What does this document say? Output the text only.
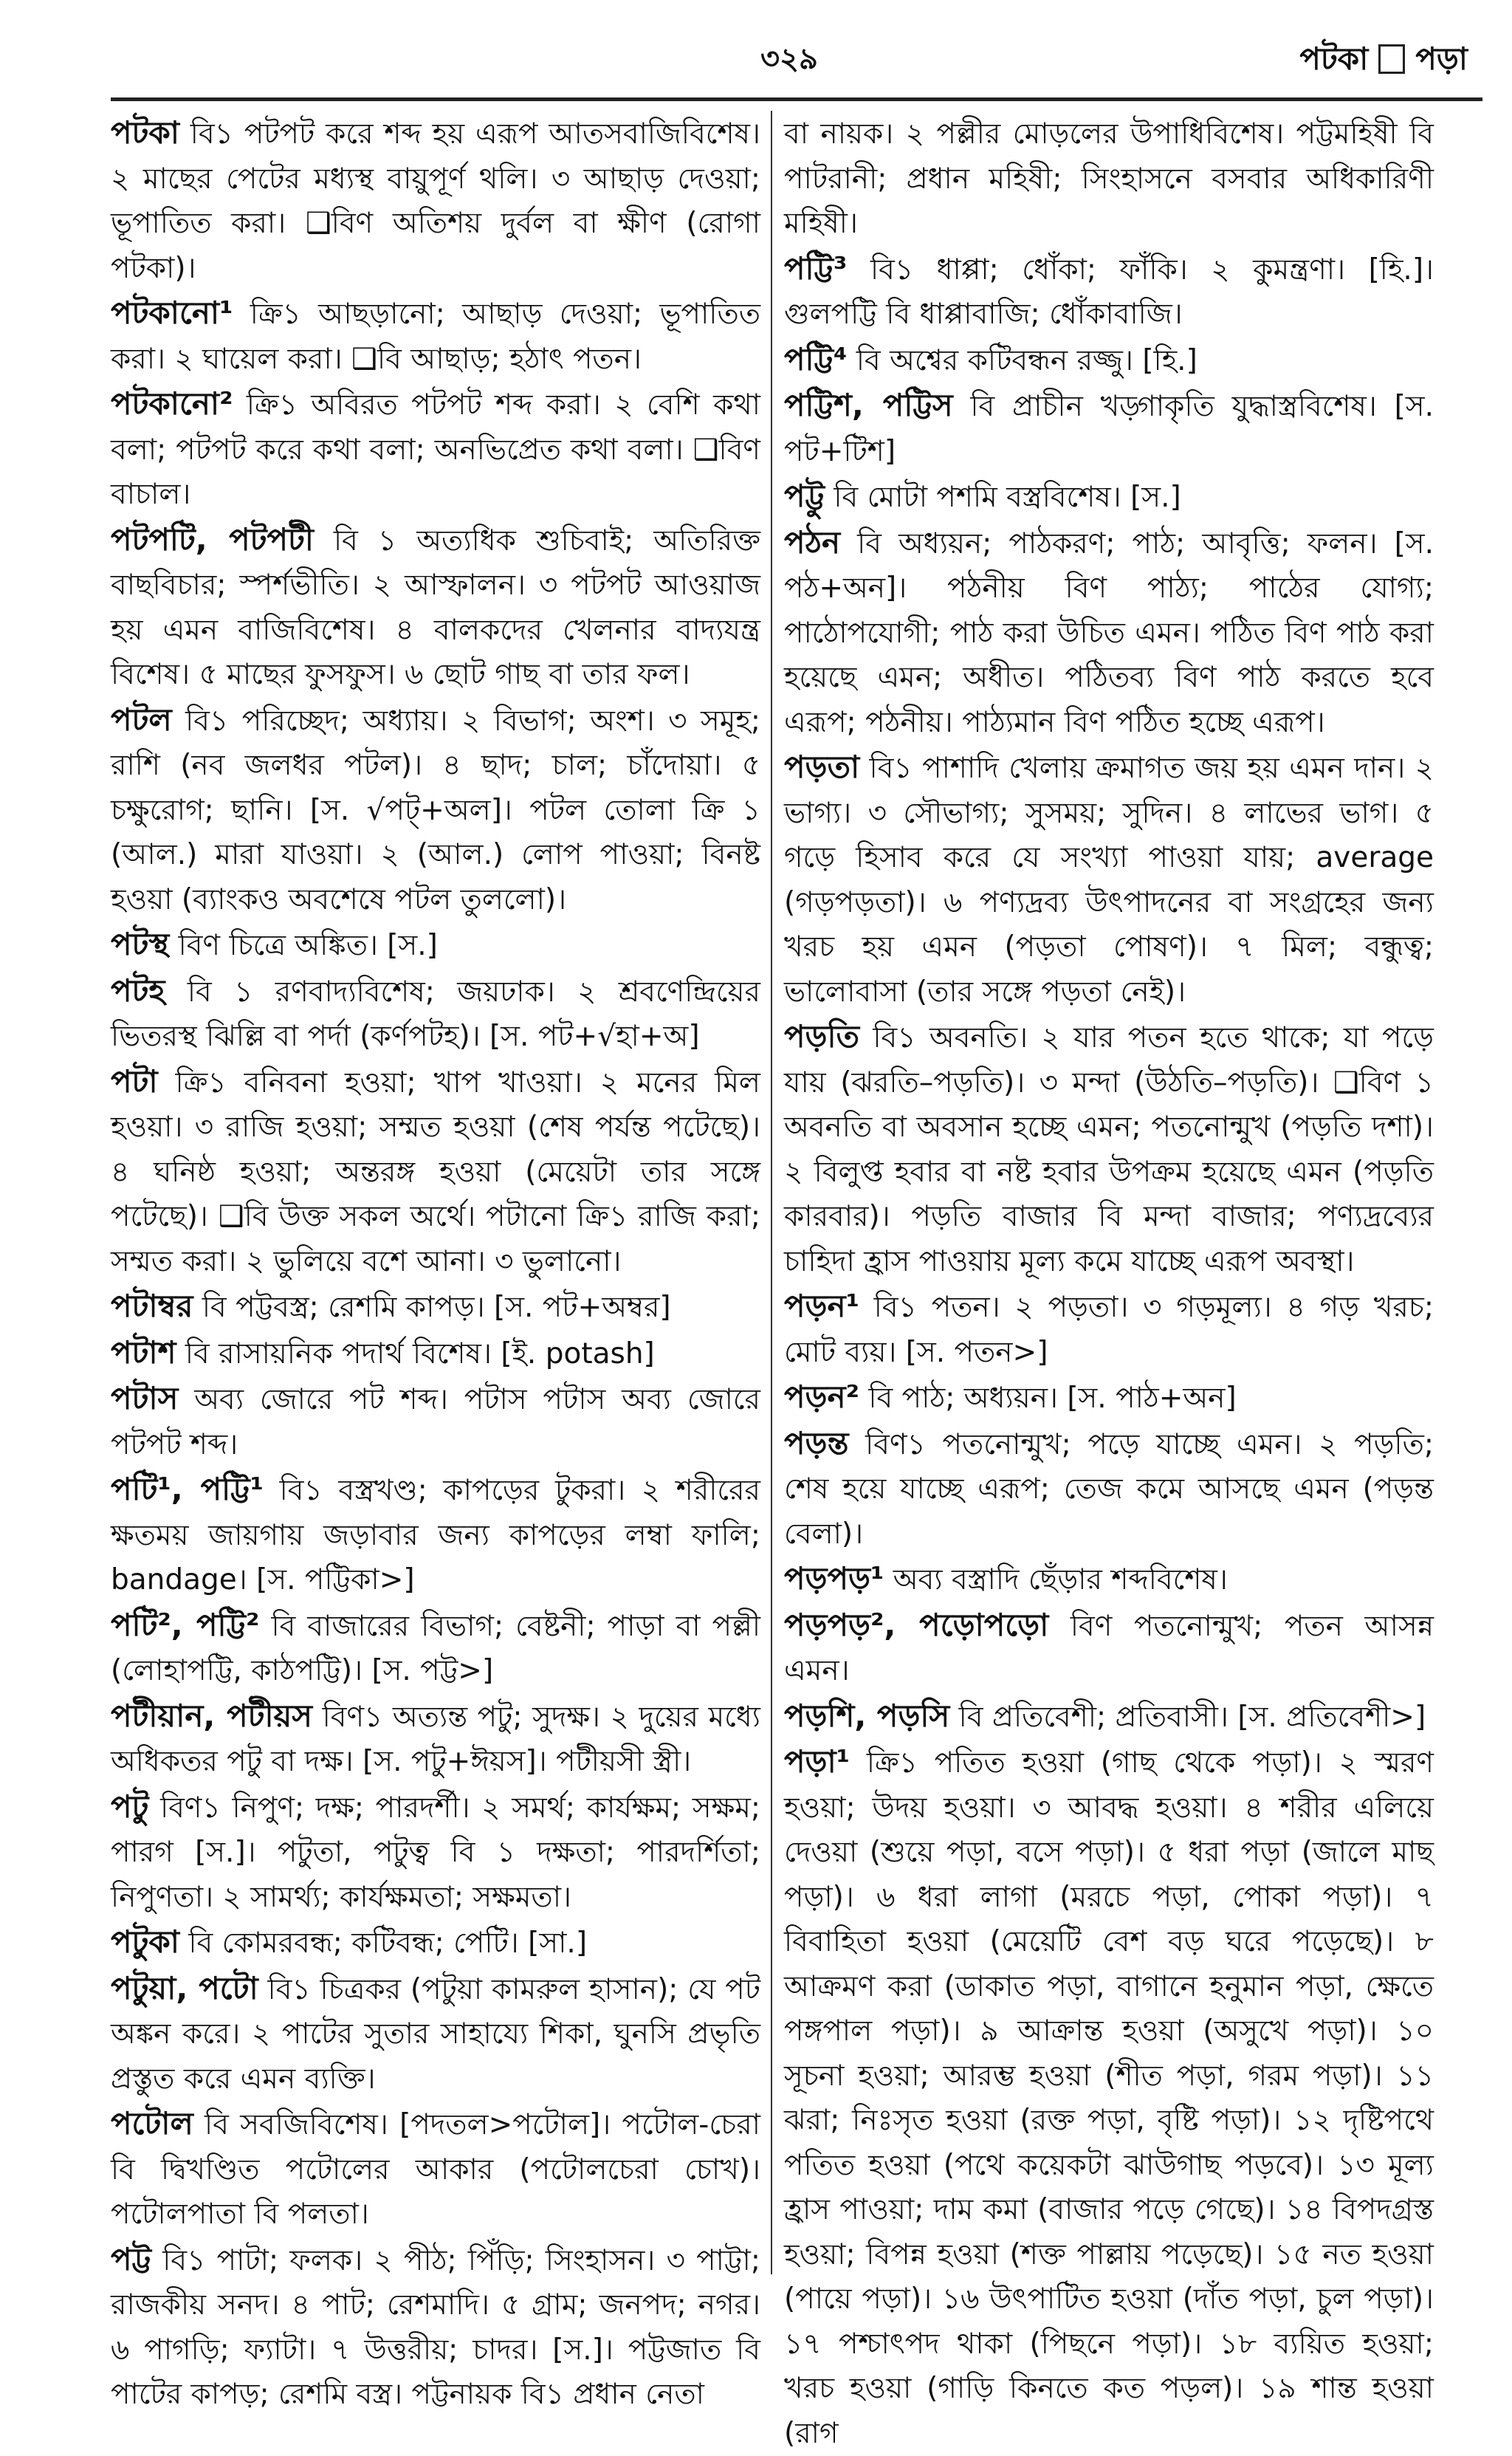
৩২৯	পটকা পড়া

পটকা বি১ পটপট করে শব্দ হয় এরূপ আতসবাজিবিশেষ। ২ মাছের পেটের মধ্যস্থ বায়ুপূর্ণ থলি। ৩ আছাড় দেওয়া; ভূপাতিত করা। ❑বিণ অতিশয় দুর্বল বা ক্ষীণ (রোগা পটকা)।

পটকানো¹ ক্রি১ আছড়ানো; আছাড় দেওয়া; ভূপাতিত করা। ২ ঘায়েল করা। ❑বি আছাড়; হঠাৎ পতন।

পটকানো² ক্রি১ অবিরত পটপট শব্দ করা। ২ বেশি কথা বলা; পটপট করে কথা বলা; অনভিপ্রেত কথা বলা। ❑বিণ বাচাল।

পটপটি, পটপটী বি ১ অত্যধিক শুচিবাই; অতিরিক্ত বাছবিচার; স্পর্শভীতি। ২ আস্ফালন। ৩ পটপট আওয়াজ হয় এমন বাজিবিশেষ। ৪ বালকদের খেলনার বাদ্যযন্ত্র বিশেষ। ৫ মাছের ফুসফুস। ৬ ছোট গাছ বা তার ফল।

পটল বি১ পরিচ্ছেদ; অধ্যায়। ২ বিভাগ; অংশ। ৩ সমূহ; রাশি (নব জলধর পটল)। ৪ ছাদ; চাল; চাঁদোয়া। ৫ চক্ষুরোগ; ছানি। [স. √পট্+অল]। পটল তোলা ক্রি ১ (আল.) মারা যাওয়া। ২ (আল.) লোপ পাওয়া; বিনষ্ট হওয়া (ব্যাংকও অবশেষে পটল তুললো)।

পটস্থ বিণ চিত্রে অঙ্কিত। [স.]

পটহ বি ১ রণবাদ্যবিশেষ; জয়ঢাক। ২ শ্রবণেন্দ্রিয়ের ভিতরস্থ ঝিল্লি বা পর্দা (কর্ণপটহ)। [স. পট+√হা+অ]

পটা ক্রি১ বনিবনা হওয়া; খাপ খাওয়া। ২ মনের মিল হওয়া। ৩ রাজি হওয়া; সম্মত হওয়া (শেষ পর্যন্ত পটেছে)। ৪ ঘনিষ্ঠ হওয়া; অন্তরঙ্গ হওয়া (মেয়েটা তার সঙ্গে পটেছে)। ❑বি উক্ত সকল অর্থে। পটানো ক্রি১ রাজি করা; সম্মত করা। ২ ভুলিয়ে বশে আনা। ৩ ভুলানো।

পটাম্বর বি পট্টবস্ত্র; রেশমি কাপড়। [স. পট+অম্বর]

পটাশ বি রাসায়নিক পদার্থ বিশেষ। [ই. potash]

পটাস অব্য জোরে পট শব্দ। পটাস পটাস অব্য জোরে পটপট শব্দ।

পটি¹, পট্টি¹ বি১ বস্ত্রখণ্ড; কাপড়ের টুকরা। ২ শরীরের ক্ষতময় জায়গায় জড়াবার জন্য কাপড়ের লম্বা ফালি; bandage। [স. পট্টিকা>]

পটি², পট্টি² বি বাজারের বিভাগ; বেষ্টনী; পাড়া বা পল্লী (লোহাপট্টি, কাঠপট্টি)। [স. পট্ট>]

পটীয়ান, পটীয়স বিণ১ অত্যন্ত পটু; সুদক্ষ। ২ দুয়ের মধ্যে অধিকতর পটু বা দক্ষ। [স. পটু+ঈয়স]। পটীয়সী স্ত্রী।

পটু বিণ১ নিপুণ; দক্ষ; পারদর্শী। ২ সমর্থ; কার্যক্ষম; সক্ষম; পারগ [স.]। পটুতা, পটুত্ব বি ১ দক্ষতা; পারদর্শিতা; নিপুণতা। ২ সামর্থ্য; কার্যক্ষমতা; সক্ষমতা।

পটুকা বি কোমরবন্ধ; কটিবন্ধ; পেটি। [সা.]

পটুয়া, পটো বি১ চিত্রকর (পটুয়া কামরুল হাসান); যে পট অঙ্কন করে। ২ পাটের সুতার সাহায্যে শিকা, ঘুনসি প্রভৃতি প্রস্তুত করে এমন ব্যক্তি।

পটোল বি সবজিবিশেষ। [পদতল>পটোল]। পটোল-চেরা বি দ্বিখণ্ডিত পটোলের আকার (পটোলচেরা চোখ)। পটোলপাতা বি পলতা।

পট্ট বি১ পাটা; ফলক। ২ পীঠ; পিঁড়ি; সিংহাসন। ৩ পাট্টা; রাজকীয় সনদ। ৪ পাট; রেশমাদি। ৫ গ্রাম; জনপদ; নগর। ৬ পাগড়ি; ফ্যাটা। ৭ উত্তরীয়; চাদর। [স.]। পট্টজাত বি পাটের কাপড়; রেশমি বস্ত্র। পট্টনায়ক বি১ প্রধান নেতা

বা নায়ক। ২ পল্লীর মোড়লের উপাধিবিশেষ। পট্টমহিষী বি পাটরানী; প্রধান মহিষী; সিংহাসনে বসবার অধিকারিণী মহিষী।

পট্টি³ বি১ ধাপ্পা; ধোঁকা; ফাঁকি। ২ কুমন্ত্রণা। [হি.]। গুলপট্টি বি ধাপ্পাবাজি; ধোঁকাবাজি।

পট্টি⁴ বি অশ্বের কটিবন্ধন রজ্জু। [হি.]

পট্টিশ, পট্টিস বি প্রাচীন খড়্গাকৃতি যুদ্ধাস্ত্রবিশেষ। [স. পট+টিশ]

পট্টু বি মোটা পশমি বস্ত্রবিশেষ। [স.]

পঠন বি অধ্যয়ন; পাঠকরণ; পাঠ; আবৃত্তি; ফলন। [স. পঠ+অন]। পঠনীয় বিণ পাঠ্য; পাঠের যোগ্য; পাঠোপযোগী; পাঠ করা উচিত এমন। পঠিত বিণ পাঠ করা হয়েছে এমন; অধীত। পঠিতব্য বিণ পাঠ করতে হবে এরূপ; পঠনীয়। পাঠ্যমান বিণ পঠিত হচ্ছে এরূপ।

পড়তা বি১ পাশাদি খেলায় ক্রমাগত জয় হয় এমন দান। ২ ভাগ্য। ৩ সৌভাগ্য; সুসময়; সুদিন। ৪ লাভের ভাগ। ৫ গড়ে হিসাব করে যে সংখ্যা পাওয়া যায়; average (গড়পড়তা)। ৬ পণ্যদ্রব্য উৎপাদনের বা সংগ্রহের জন্য খরচ হয় এমন (পড়তা পোষণ)। ৭ মিল; বন্ধুত্ব; ভালোবাসা (তার সঙ্গে পড়তা নেই)।

পড়তি বি১ অবনতি। ২ যার পতন হতে থাকে; যা পড়ে যায় (ঝরতি–পড়তি)। ৩ মন্দা (উঠতি–পড়তি)। ❑বিণ ১ অবনতি বা অবসান হচ্ছে এমন; পতনোন্মুখ (পড়তি দশা)। ২ বিলুপ্ত হবার বা নষ্ট হবার উপক্রম হয়েছে এমন (পড়তি কারবার)। পড়তি বাজার বি মন্দা বাজার; পণ্যদ্রব্যের চাহিদা হ্রাস পাওয়ায় মূল্য কমে যাচ্ছে এরূপ অবস্থা।

পড়ন¹ বি১ পতন। ২ পড়তা। ৩ গড়মূল্য। ৪ গড় খরচ; মোট ব্যয়। [স. পতন>]

পড়ন² বি পাঠ; অধ্যয়ন। [স. পাঠ+অন]

পড়ন্ত বিণ১ পতনোন্মুখ; পড়ে যাচ্ছে এমন। ২ পড়তি; শেষ হয়ে যাচ্ছে এরূপ; তেজ কমে আসছে এমন (পড়ন্ত বেলা)।

পড়পড়¹ অব্য বস্ত্রাদি ছেঁড়ার শব্দবিশেষ।

পড়পড়², পড়োপড়ো বিণ পতনোন্মুখ; পতন আসন্ন এমন।

পড়শি, পড়সি বি প্রতিবেশী; প্রতিবাসী। [স. প্রতিবেশী>]

পড়া¹ ক্রি১ পতিত হওয়া (গাছ থেকে পড়া)। ২ স্মরণ হওয়া; উদয় হওয়া। ৩ আবদ্ধ হওয়া। ৪ শরীর এলিয়ে দেওয়া (শুয়ে পড়া, বসে পড়া)। ৫ ধরা পড়া (জালে মাছ পড়া)। ৬ ধরা লাগা (মরচে পড়া, পোকা পড়া)। ৭ বিবাহিতা হওয়া (মেয়েটি বেশ বড় ঘরে পড়েছে)। ৮ আক্রমণ করা (ডাকাত পড়া, বাগানে হনুমান পড়া, ক্ষেতে পঙ্গপাল পড়া)। ৯ আক্রান্ত হওয়া (অসুখে পড়া)। ১০ সূচনা হওয়া; আরম্ভ হওয়া (শীত পড়া, গরম পড়া)। ১১ ঝরা; নিঃসৃত হওয়া (রক্ত পড়া, বৃষ্টি পড়া)। ১২ দৃষ্টিপথে পতিত হওয়া (পথে কয়েকটা ঝাউগাছ পড়বে)। ১৩ মূল্য হ্রাস পাওয়া; দাম কমা (বাজার পড়ে গেছে)। ১৪ বিপদগ্রস্ত হওয়া; বিপন্ন হওয়া (শক্ত পাল্লায় পড়েছে)। ১৫ নত হওয়া (পায়ে পড়া)। ১৬ উৎপাটিত হওয়া (দাঁত পড়া, চুল পড়া)। ১৭ পশ্চাৎপদ থাকা (পিছনে পড়া)। ১৮ ব্যয়িত হওয়া; খরচ হওয়া (গাড়ি কিনতে কত পড়ল)। ১৯ শান্ত হওয়া (রাগ
